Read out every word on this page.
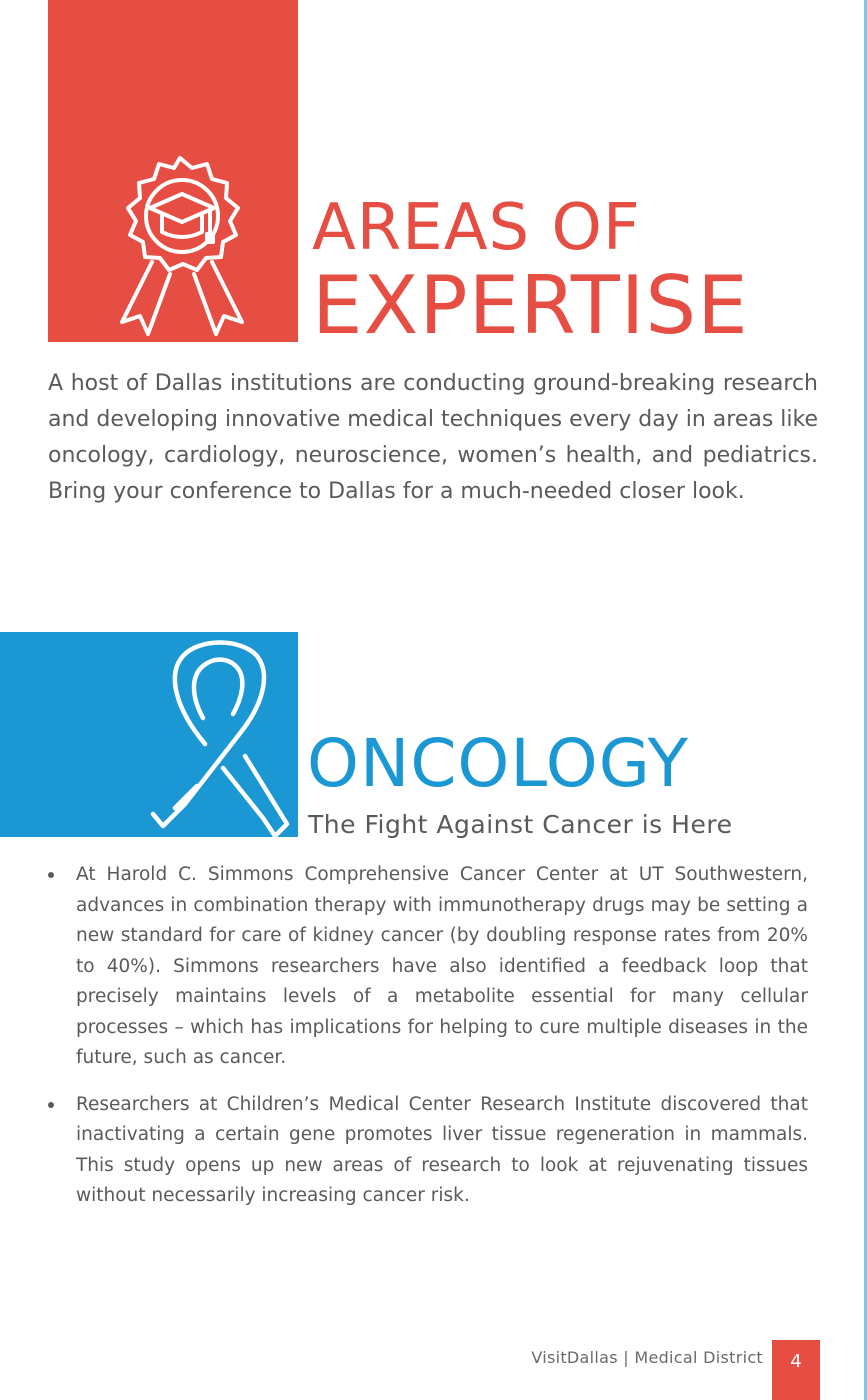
AREAS OF
EXPERTISE

A host of Dallas institutions are conducting ground-breaking research and developing innovative medical techniques every day in areas like oncology, cardiology, neuroscience, women’s health, and pediatrics. Bring your conference to Dallas for a much-needed closer look.

ONCOLOGY
The Fight Against Cancer is Here
At Harold C. Simmons Comprehensive Cancer Center at UT Southwestern, advances in combination therapy with immunotherapy drugs may be setting a new standard for care of kidney cancer (by doubling response rates from 20% to 40%). Simmons researchers have also identified a feedback loop that precisely maintains levels of a metabolite essential for many cellular processes – which has implications for helping to cure multiple diseases in the future, such as cancer.
Researchers at Children’s Medical Center Research Institute discovered that inactivating a certain gene promotes liver tissue regeneration in mammals. This study opens up new areas of research to look at rejuvenating tissues without necessarily increasing cancer risk.
VisitDallas | Medical District	4
